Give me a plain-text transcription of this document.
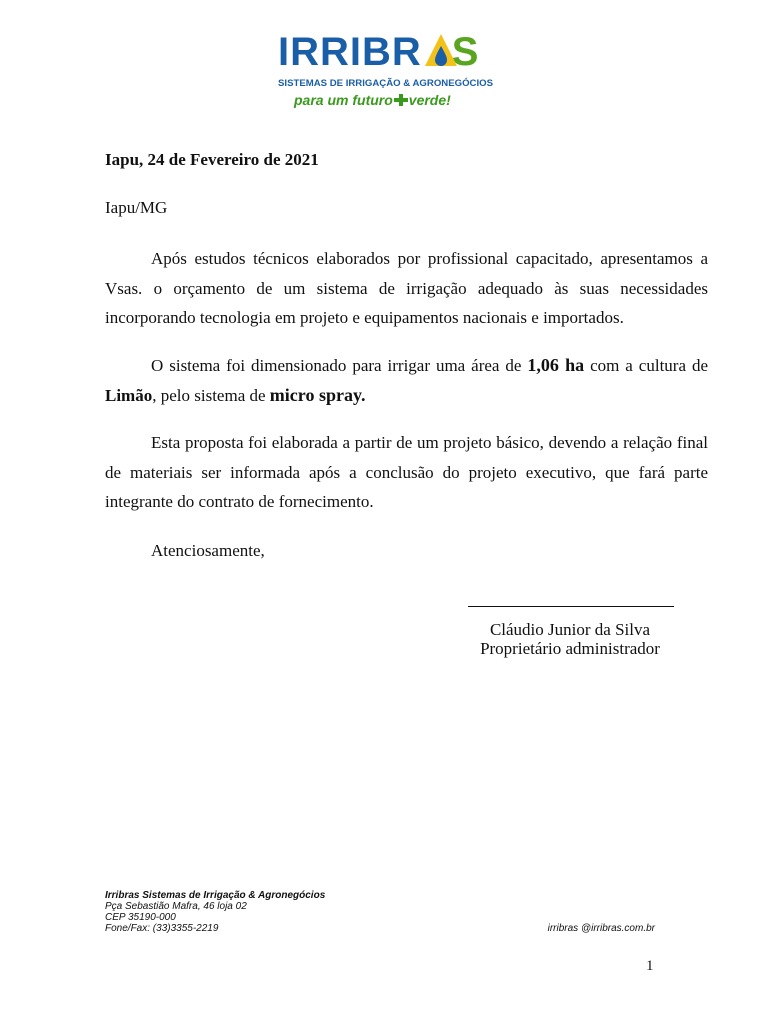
IRRIBR S
SISTEMAS DE IRRIGAÇÃO & AGRONEGÓCIOS
para um futuro verde!
Iapu, 24 de Fevereiro de 2021
Iapu/MG

Após estudos técnicos elaborados por profissional capacitado, apresentamos a Vsas. o orçamento de um sistema de irrigação adequado às suas necessidades incorporando tecnologia em projeto e equipamentos nacionais e importados.

O sistema foi dimensionado para irrigar uma área de 1,06 ha com a cultura de Limão, pelo sistema de micro spray.

Esta proposta foi elaborada a partir de um projeto básico, devendo a relação final de materiais ser informada após a conclusão do projeto executivo, que fará parte integrante do contrato de fornecimento.

Atenciosamente,
Cláudio Junior da Silva
Proprietário administrador
Irribras Sistemas de Irrigação & Agronegócios
Pça Sebastião Mafra, 46 loja 02
CEP 35190-000
Fone/Fax: (33)3355-2219	irribras @irribras.com.br
1
